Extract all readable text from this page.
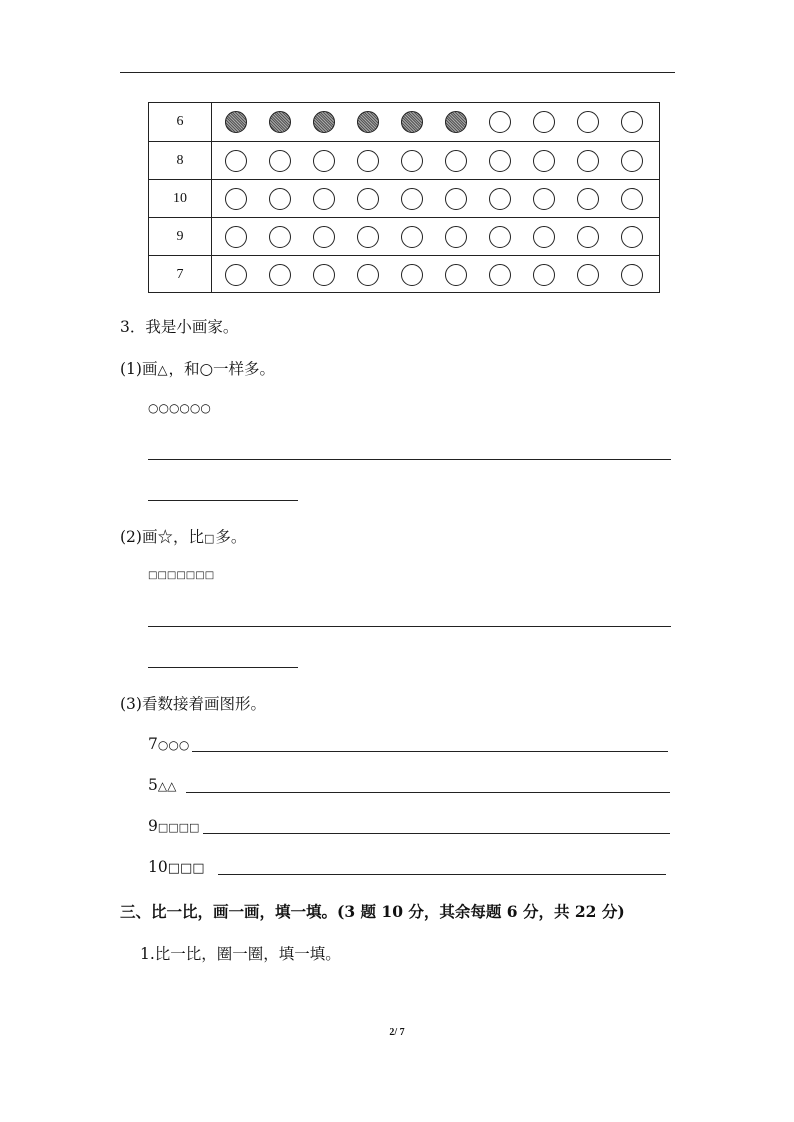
6
8
10
9
7
3．我是小画家。
(1)画△，和○一样多。
○○○○○○
(2)画☆，比□多。
□□□□□□□
(3)看数接着画图形。
7○○○
5△△
9□□□□
10□□□
三、比一比，画一画，填一填。(3 题 10 分，其余每题 6 分，共 22 分)
1.比一比，圈一圈，填一填。
2/ 7
